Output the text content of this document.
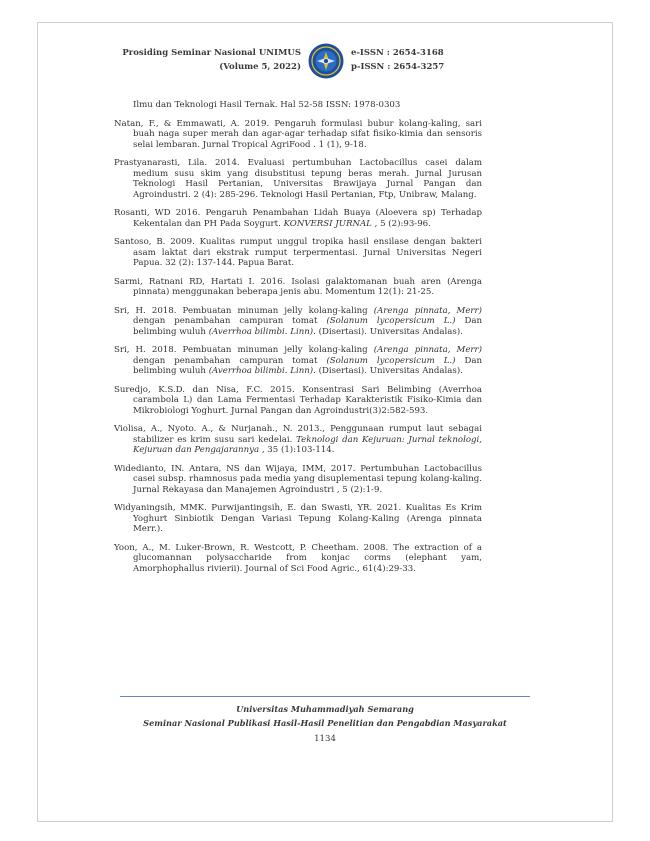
Prosiding Seminar Nasional UNIMUS
(Volume 5, 2022)
e-ISSN : 2654-3168
p-ISSN : 2654-3257
Ilmu dan Teknologi Hasil Ternak. Hal 52-58 ISSN: 1978-0303
Natan, F., & Emmawati, A. 2019. Pengaruh formulasi bubur kolang-kaling, sari buah naga super merah dan agar-agar terhadap sifat fisiko-kimia dan sensoris selai lembaran. Jurnal Tropical AgriFood . 1 (1), 9-18.
Prastyanarasti, Lila. 2014. Evaluasi pertumbuhan Lactobacillus casei dalam medium susu skim yang disubstitusi tepung beras merah. Jurnal Jurusan Teknologi Hasil Pertanian, Universitas Brawijaya Jurnal Pangan dan Agroindustri. 2 (4): 285-296. Teknologi Hasil Pertanian, Ftp, Unibraw, Malang.
Rosanti, WD 2016. Pengaruh Penambahan Lidah Buaya (Aloevera sp) Terhadap Kekentalan dan PH Pada Soygurt. KONVERSI JURNAL , 5 (2):93-96.
Santoso, B. 2009. Kualitas rumput unggul tropika hasil ensilase dengan bakteri asam laktat dari ekstrak rumput terpermentasi. Jurnal Universitas Negeri Papua. 32 (2): 137-144. Papua Barat.
Sarmi, Ratnani RD, Hartati I. 2016. Isolasi galaktomanan buah aren (Arenga pinnata) menggunakan beberapa jenis abu. Momentum 12(1): 21-25.
Sri, H. 2018. Pembuatan minuman jelly kolang-kaling (Arenga pinnata, Merr) dengan penambahan campuran tomat (Solanum lycopersicum L.) Dan belimbing wuluh (Averrhoa bilimbi. Linn). (Disertasi). Universitas Andalas).
Sri, H. 2018. Pembuatan minuman jelly kolang-kaling (Arenga pinnata, Merr) dengan penambahan campuran tomat (Solanum lycopersicum L.) Dan belimbing wuluh (Averrhoa bilimbi. Linn). (Disertasi). Universitas Andalas).
Suredjo, K.S.D. dan Nisa, F.C. 2015. Konsentrasi Sari Belimbing (Averrhoa carambola L) dan Lama Fermentasi Terhadap Karakteristik Fisiko-Kimia dan Mikrobiologi Yoghurt. Jurnal Pangan dan Agroindustri(3)2:582-593.
Violisa, A., Nyoto. A., & Nurjanah., N. 2013., Penggunaan rumput laut sebagai stabilizer es krim susu sari kedelai. Teknologi dan Kejuruan: Jurnal teknologi, Kejuruan dan Pengajarannya , 35 (1):103-114.
Widedianto, IN. Antara, NS dan Wijaya, IMM, 2017. Pertumbuhan Lactobacillus casei subsp. rhamnosus pada media yang disuplementasi tepung kolang-kaling. Jurnal Rekayasa dan Manajemen Agroindustri , 5 (2):1-9.
Widyaningsih, MMK. Purwijantingsih, E. dan Swasti, YR. 2021. Kualitas Es Krim Yoghurt Sinbiotik Dengan Variasi Tepung Kolang-Kaling (Arenga pinnata Merr.).
Yoon, A., M. Luker-Brown, R. Westcott, P. Cheetham. 2008. The extraction of a glucomannan polysaccharide from konjac corms (elephant yam, Amorphophallus rivierii). Journal of Sci Food Agric., 61(4):29-33.
Universitas Muhammadiyah Semarang
Seminar Nasional Publikasi Hasil-Hasil Penelitian dan Pengabdian Masyarakat
1134
